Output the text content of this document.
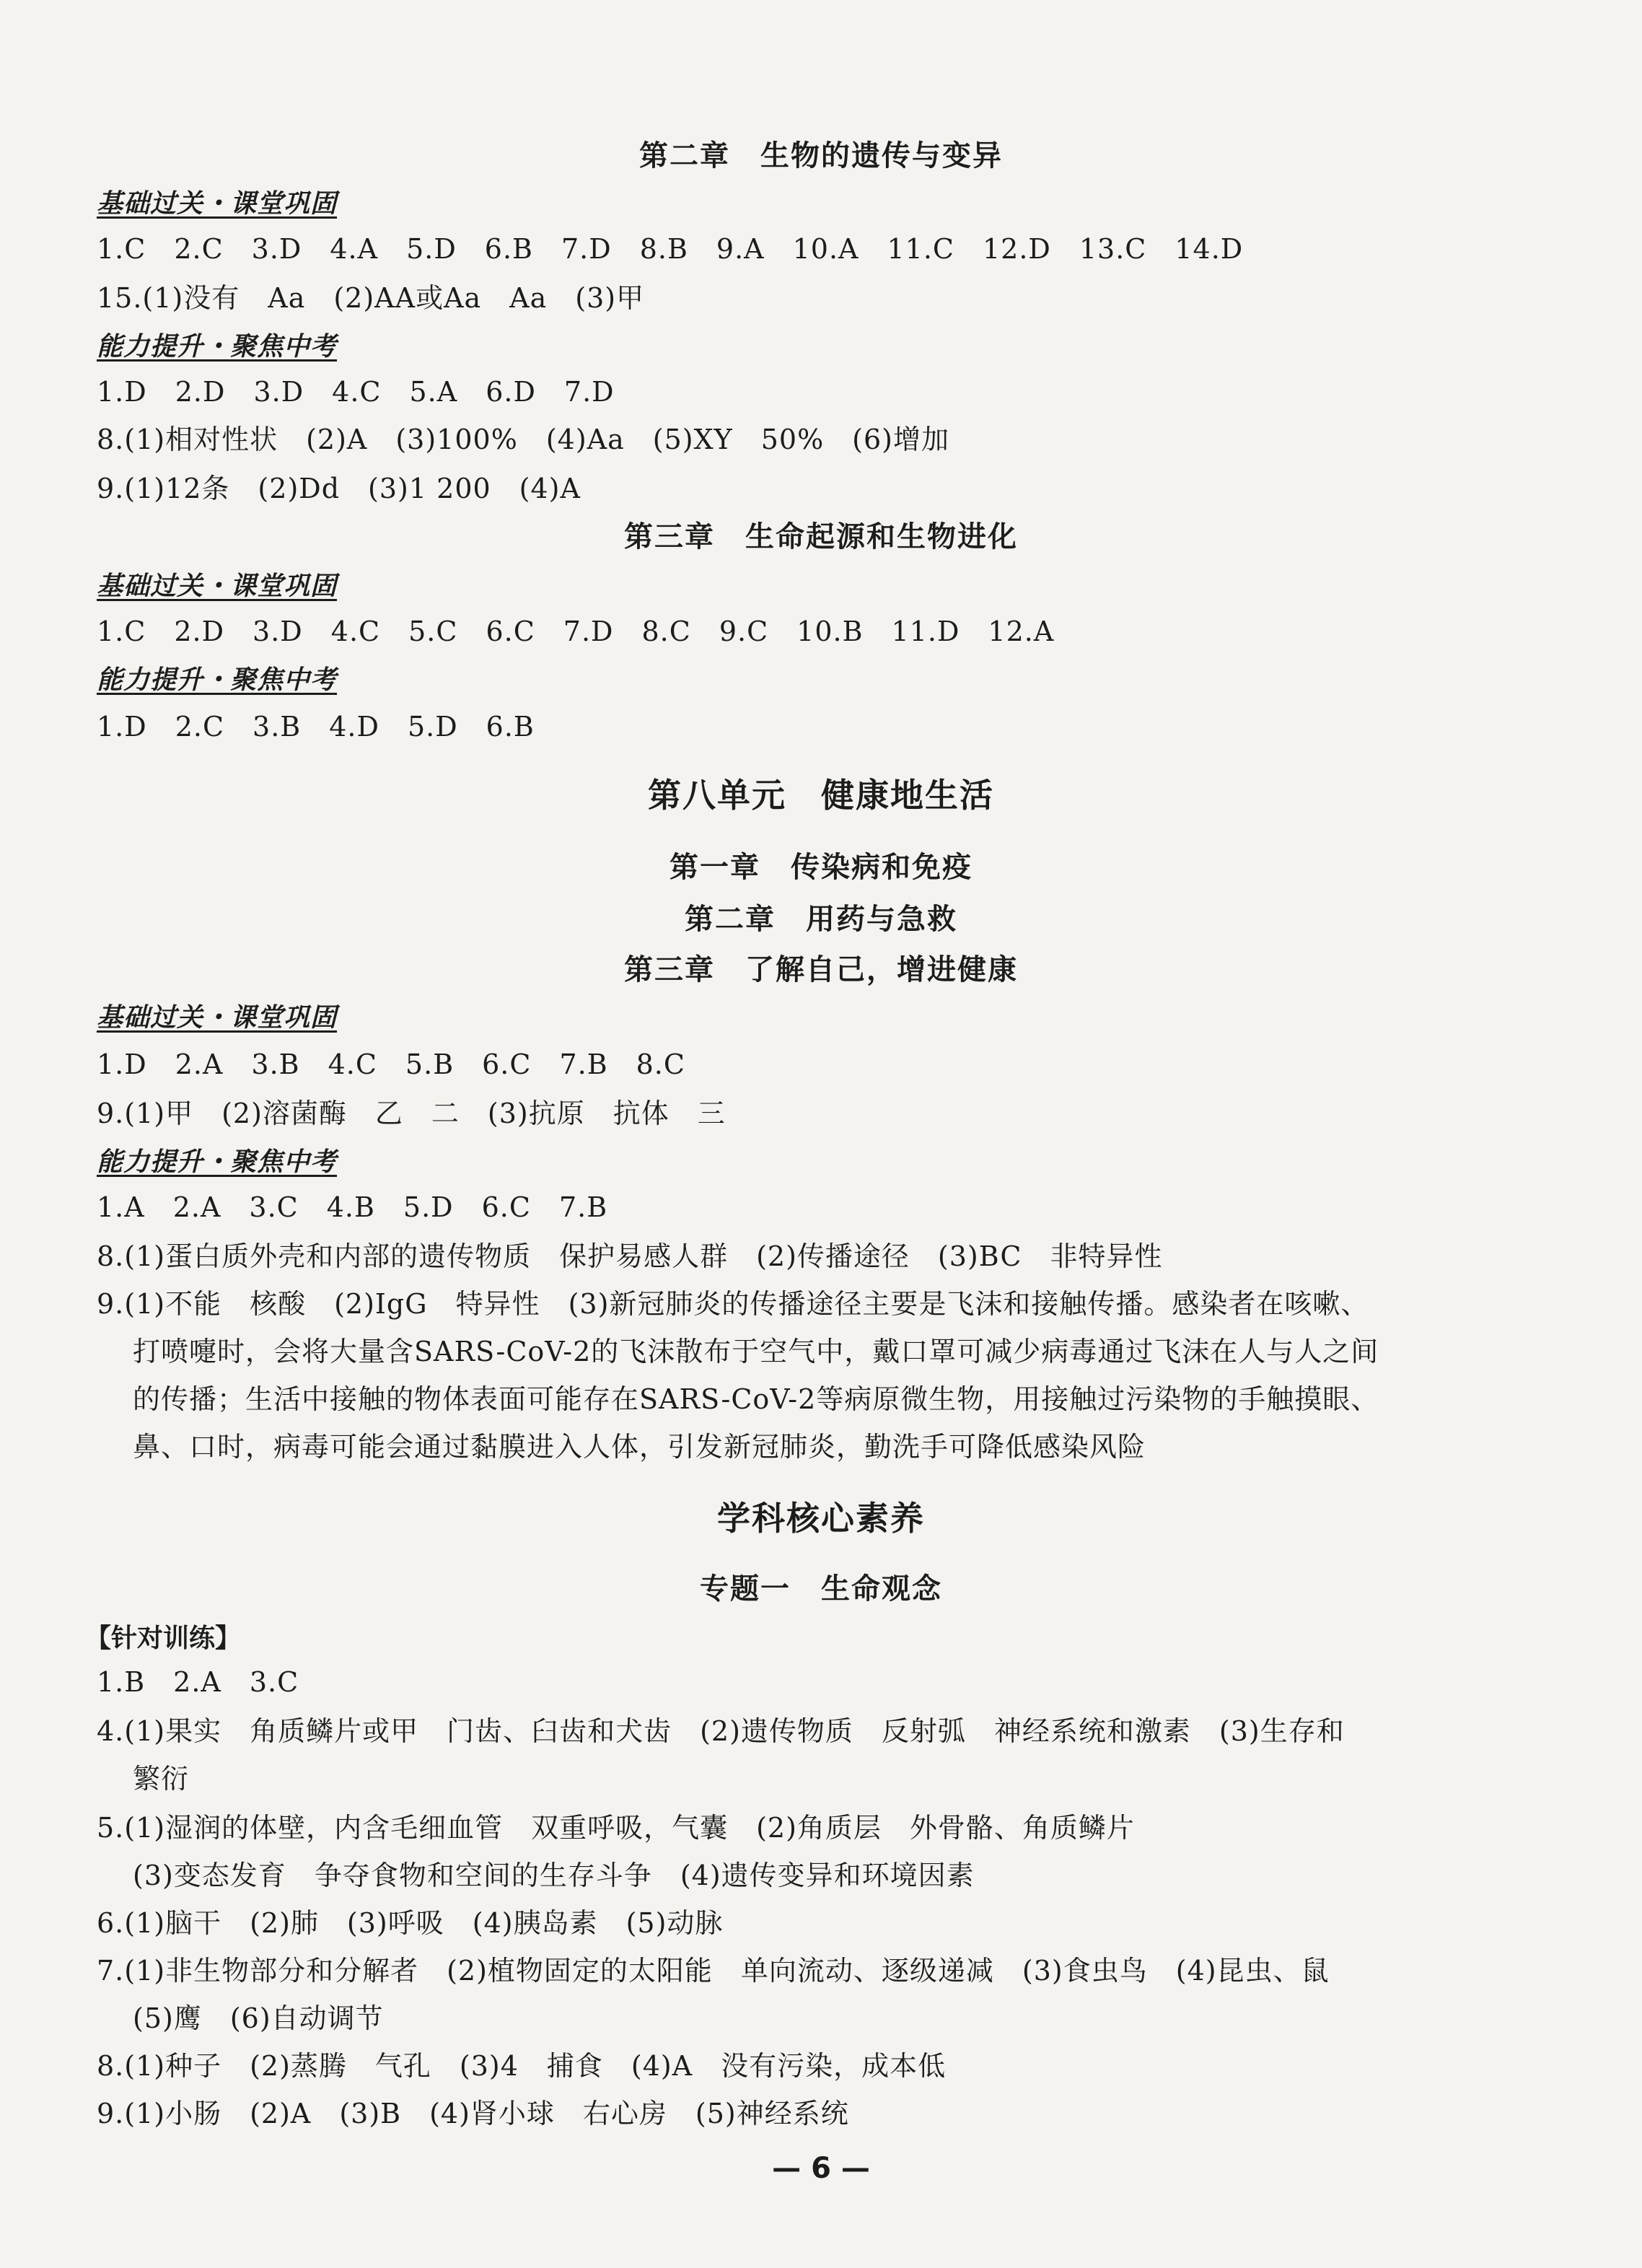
第二章　生物的遗传与变异
基础过关・课堂巩固
1.C　2.C　3.D　4.A　5.D　6.B　7.D　8.B　9.A　10.A　11.C　12.D　13.C　14.D
15.(1)没有　Aa　(2)AA或Aa　Aa　(3)甲
能力提升・聚焦中考
1.D　2.D　3.D　4.C　5.A　6.D　7.D
8.(1)相对性状　(2)A　(3)100%　(4)Aa　(5)XY　50%　(6)增加
9.(1)12条　(2)Dd　(3)1 200　(4)A
第三章　生命起源和生物进化
基础过关・课堂巩固
1.C　2.D　3.D　4.C　5.C　6.C　7.D　8.C　9.C　10.B　11.D　12.A
能力提升・聚焦中考
1.D　2.C　3.B　4.D　5.D　6.B
第八单元　健康地生活
第一章　传染病和免疫
第二章　用药与急救
第三章　了解自己，增进健康
基础过关・课堂巩固
1.D　2.A　3.B　4.C　5.B　6.C　7.B　8.C
9.(1)甲　(2)溶菌酶　乙　二　(3)抗原　抗体　三
能力提升・聚焦中考
1.A　2.A　3.C　4.B　5.D　6.C　7.B
8.(1)蛋白质外壳和内部的遗传物质　保护易感人群　(2)传播途径　(3)BC　非特异性
9.(1)不能　核酸　(2)IgG　特异性　(3)新冠肺炎的传播途径主要是飞沫和接触传播。感染者在咳嗽、
打喷嚏时，会将大量含SARS-CoV-2的飞沫散布于空气中，戴口罩可减少病毒通过飞沫在人与人之间
的传播；生活中接触的物体表面可能存在SARS-CoV-2等病原微生物，用接触过污染物的手触摸眼、
鼻、口时，病毒可能会通过黏膜进入人体，引发新冠肺炎，勤洗手可降低感染风险
学科核心素养
专题一　生命观念
【针对训练】
1.B　2.A　3.C
4.(1)果实　角质鳞片或甲　门齿、臼齿和犬齿　(2)遗传物质　反射弧　神经系统和激素　(3)生存和
繁衍
5.(1)湿润的体壁，内含毛细血管　双重呼吸，气囊　(2)角质层　外骨骼、角质鳞片
(3)变态发育　争夺食物和空间的生存斗争　(4)遗传变异和环境因素
6.(1)脑干　(2)肺　(3)呼吸　(4)胰岛素　(5)动脉
7.(1)非生物部分和分解者　(2)植物固定的太阳能　单向流动、逐级递减　(3)食虫鸟　(4)昆虫、鼠
(5)鹰　(6)自动调节
8.(1)种子　(2)蒸腾　气孔　(3)4　捕食　(4)A　没有污染，成本低
9.(1)小肠　(2)A　(3)B　(4)肾小球　右心房　(5)神经系统
— 6 —
